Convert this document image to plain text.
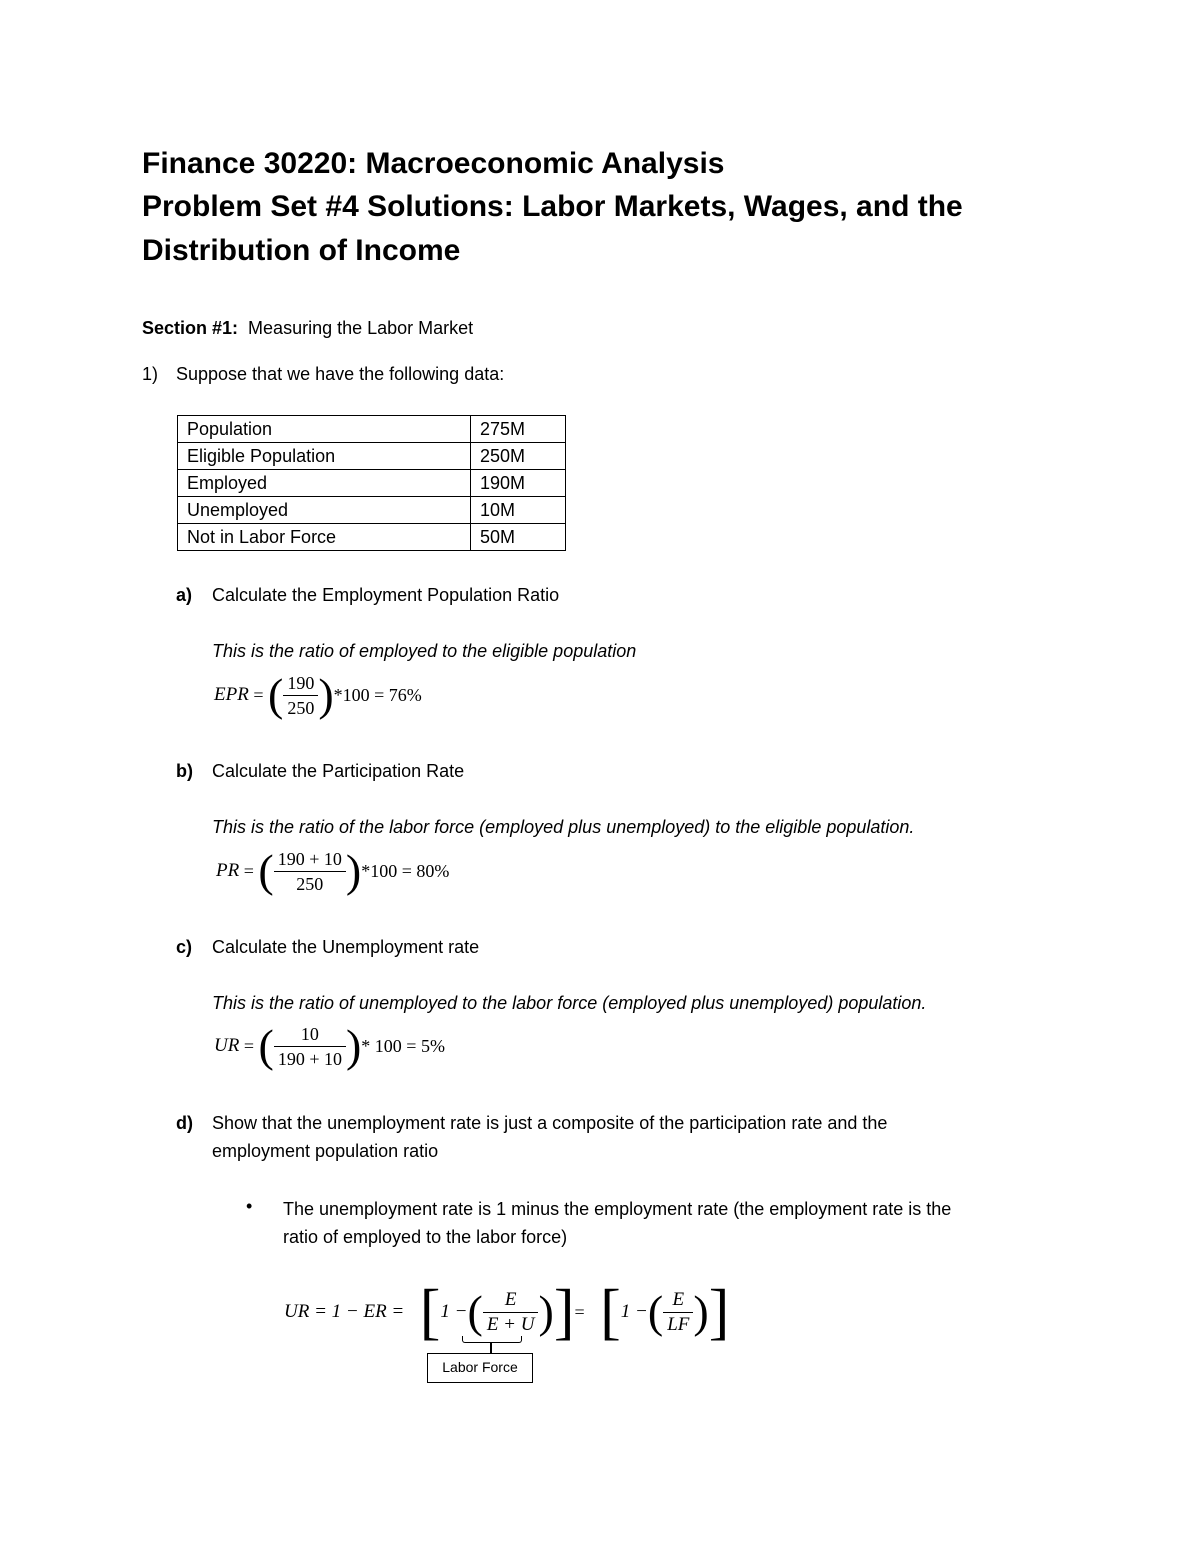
Finance 30220: Macroeconomic Analysis
Problem Set #4 Solutions: Labor Markets, Wages, and the
Distribution of Income
Section #1: Measuring the Labor Market
1) Suppose that we have the following data:
Population	275M
Eligible Population	250M
Employed	190M
Unemployed	10M
Not in Labor Force	50M
a) Calculate the Employment Population Ratio
This is the ratio of employed to the eligible population
EPR = ( $\frac{190}{250}$ ) *100 = 76%
b) Calculate the Participation Rate
This is the ratio of the labor force (employed plus unemployed) to the eligible population.
PR = ( $\frac{190 + 10}{250}$ ) *100 = 80%
c) Calculate the Unemployment rate
This is the ratio of unemployed to the labor force (employed plus unemployed) population.
UR = ( $\frac{10}{190 + 10}$ ) * 100 = 5%
d) Show that the unemployment rate is just a composite of the participation rate and the
employment population ratio
• The unemployment rate is 1 minus the employment rate (the employment rate is the
ratio of employed to the labor force)
UR = 1 − ER = [ 1 − ( $\frac{E}{E + U}$ ) ] = [ 1 − ( $\frac{E}{LF}$ ) ]
Labor Force
